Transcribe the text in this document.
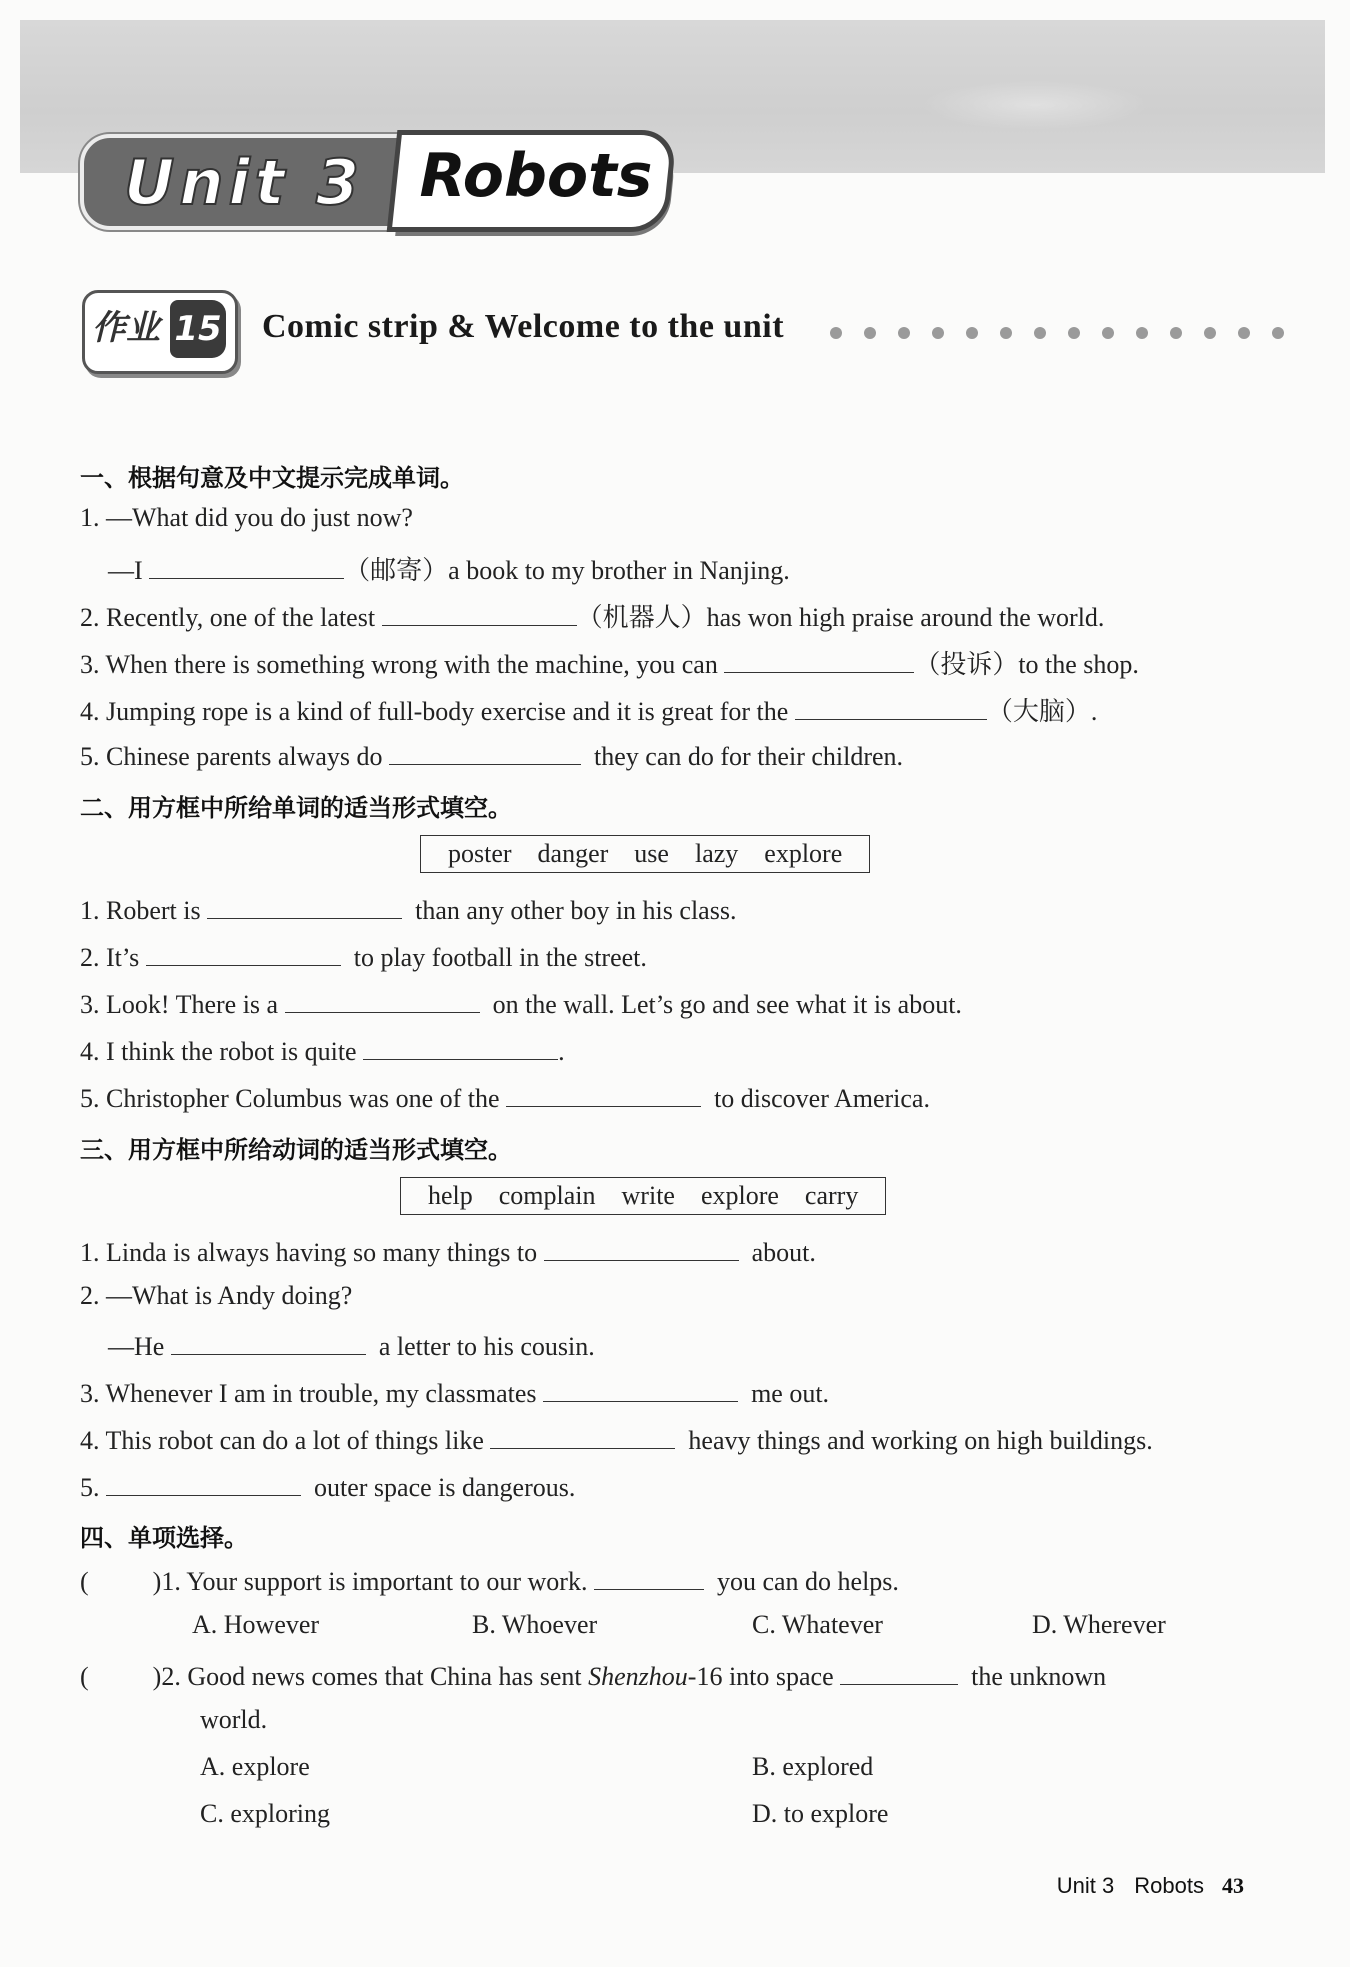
Unit 3 Robots
作业 15 Comic strip & Welcome to the unit
一、根据句意及中文提示完成单词。
1. —What did you do just now?
—I	（邮寄）a book to my brother in Nanjing.
2. Recently, one of the latest	（机器人）has won high praise around the world.
3. When there is something wrong with the machine, you can	（投诉）to the shop.
4. Jumping rope is a kind of full-body exercise and it is great for the	（大脑）.
5. Chinese parents always do	they can do for their children.
二、用方框中所给单词的适当形式填空。
poster danger use lazy explore
1. Robert is	than any other boy in his class.
2. It’s	to play football in the street.
3. Look! There is a	on the wall. Let’s go and see what it is about.
4. I think the robot is quite	.
5. Christopher Columbus was one of the	to discover America.
三、用方框中所给动词的适当形式填空。
help complain write explore carry
1. Linda is always having so many things to	about.
2. —What is Andy doing?
—He	a letter to his cousin.
3. Whenever I am in trouble, my classmates	me out.
4. This robot can do a lot of things like	heavy things and working on high buildings.
5.	outer space is dangerous.
四、单项选择。
( )1. Your support is important to our work.	you can do helps.
A. However	B. Whoever	C. Whatever	D. Wherever
( )2. Good news comes that China has sent Shenzhou-16 into space	the unknown
world.
A. explore	B. explored
C. exploring	D. to explore
Unit 3 Robots 43
